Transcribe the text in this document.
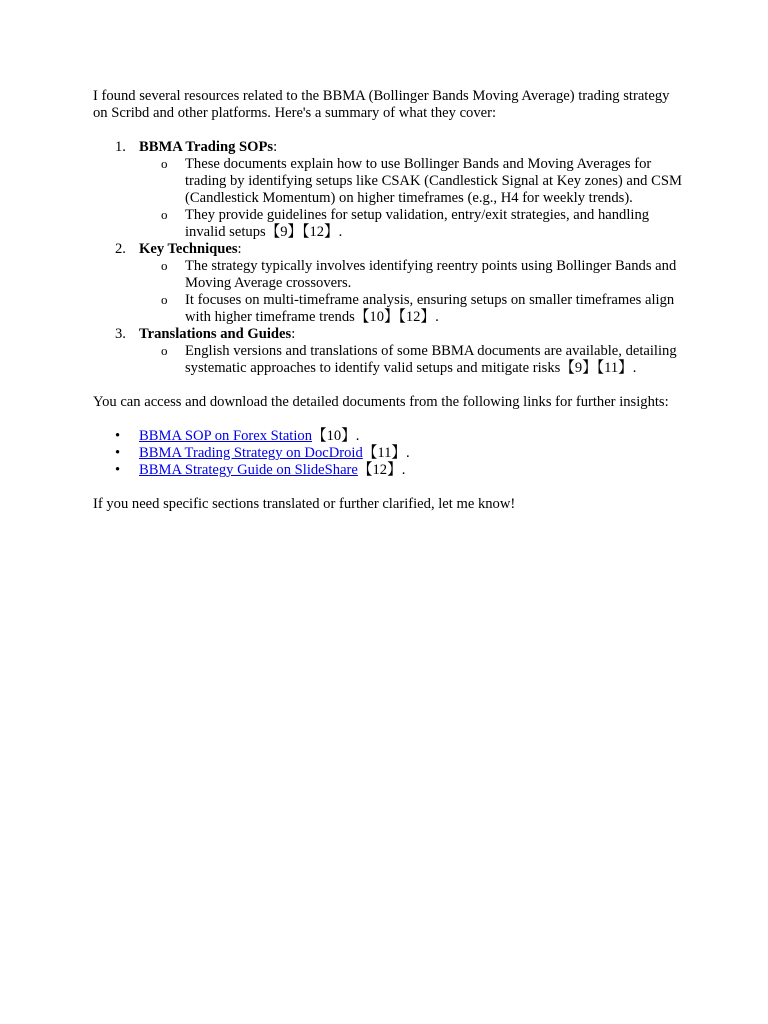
I found several resources related to the BBMA (Bollinger Bands Moving Average) trading strategy on Scribd and other platforms. Here's a summary of what they cover:

1. BBMA Trading SOPs:
o These documents explain how to use Bollinger Bands and Moving Averages for trading by identifying setups like CSAK (Candlestick Signal at Key zones) and CSM (Candlestick Momentum) on higher timeframes (e.g., H4 for weekly trends).
o They provide guidelines for setup validation, entry/exit strategies, and handling invalid setups【9】【12】.
2. Key Techniques:
o The strategy typically involves identifying reentry points using Bollinger Bands and Moving Average crossovers.
o It focuses on multi-timeframe analysis, ensuring setups on smaller timeframes align with higher timeframe trends【10】【12】.
3. Translations and Guides:
o English versions and translations of some BBMA documents are available, detailing systematic approaches to identify valid setups and mitigate risks【9】【11】.

You can access and download the detailed documents from the following links for further insights:

• BBMA SOP on Forex Station【10】.
• BBMA Trading Strategy on DocDroid【11】.
• BBMA Strategy Guide on SlideShare【12】.

If you need specific sections translated or further clarified, let me know!
